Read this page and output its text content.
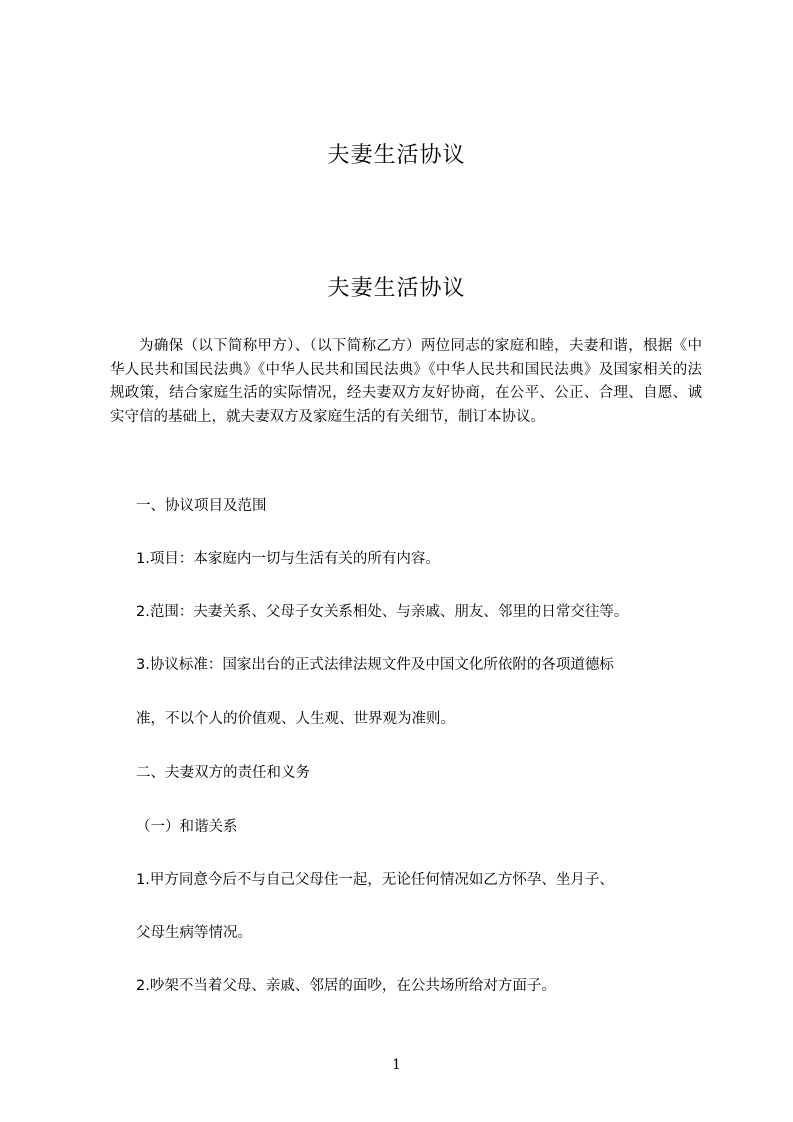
夫妻生活协议
夫妻生活协议

为确保（以下简称甲方）、（以下简称乙方）两位同志的家庭和睦，夫妻和谐，根据《中华人民共和国民法典》《中华人民共和国民法典》《中华人民共和国民法典》及国家相关的法规政策，结合家庭生活的实际情况，经夫妻双方友好协商，在公平、公正、合理、自愿、诚实守信的基础上，就夫妻双方及家庭生活的有关细节，制订本协议。

一、协议项目及范围

1.项目：本家庭内一切与生活有关的所有内容。

2.范围：夫妻关系、父母子女关系相处、与亲戚、朋友、邻里的日常交往等。

3.协议标准：国家出台的正式法律法规文件及中国文化所依附的各项道德标

准，不以个人的价值观、人生观、世界观为准则。

二、夫妻双方的责任和义务

（一）和谐关系

1.甲方同意今后不与自己父母住一起，无论任何情况如乙方怀孕、坐月子、

父母生病等情况。

2.吵架不当着父母、亲戚、邻居的面吵，在公共场所给对方面子。

1
